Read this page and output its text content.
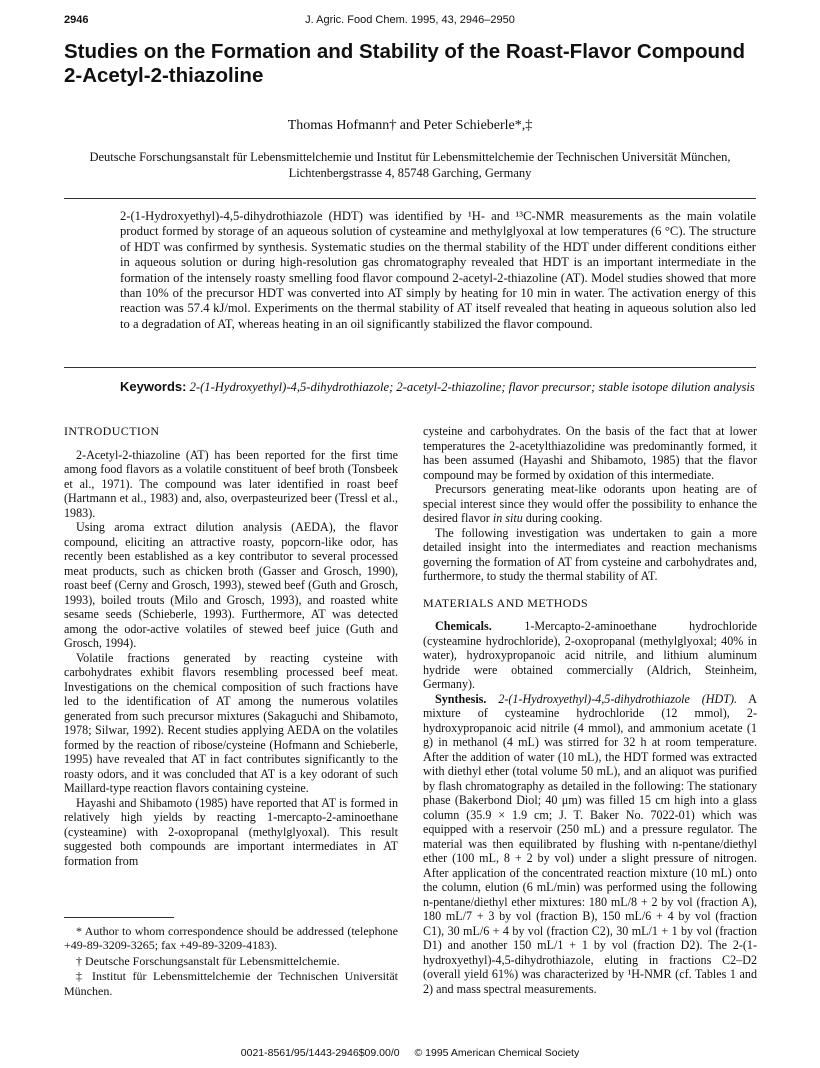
2946	J. Agric. Food Chem. 1995, 43, 2946–2950
Studies on the Formation and Stability of the Roast-Flavor Compound 2-Acetyl-2-thiazoline
Thomas Hofmann† and Peter Schieberle*,‡
Deutsche Forschungsanstalt für Lebensmittelchemie und Institut für Lebensmittelchemie der Technischen Universität München, Lichtenbergstrasse 4, 85748 Garching, Germany

2-(1-Hydroxyethyl)-4,5-dihydrothiazole (HDT) was identified by ¹H- and ¹³C-NMR measurements as the main volatile product formed by storage of an aqueous solution of cysteamine and methylglyoxal at low temperatures (6 °C). The structure of HDT was confirmed by synthesis. Systematic studies on the thermal stability of the HDT under different conditions either in aqueous solution or during high-resolution gas chromatography revealed that HDT is an important intermediate in the formation of the intensely roasty smelling food flavor compound 2-acetyl-2-thiazoline (AT). Model studies showed that more than 10% of the precursor HDT was converted into AT simply by heating for 10 min in water. The activation energy of this reaction was 57.4 kJ/mol. Experiments on the thermal stability of AT itself revealed that heating in aqueous solution also led to a degradation of AT, whereas heating in an oil significantly stabilized the flavor compound.

Keywords: 2-(1-Hydroxyethyl)-4,5-dihydrothiazole; 2-acetyl-2-thiazoline; flavor precursor; stable isotope dilution analysis

INTRODUCTION

2-Acetyl-2-thiazoline (AT) has been reported for the first time among food flavors as a volatile constituent of beef broth (Tonsbeek et al., 1971). The compound was later identified in roast beef (Hartmann et al., 1983) and, also, overpasteurized beer (Tressl et al., 1983).

Using aroma extract dilution analysis (AEDA), the flavor compound, eliciting an attractive roasty, popcorn-like odor, has recently been established as a key contributor to several processed meat products, such as chicken broth (Gasser and Grosch, 1990), roast beef (Cerny and Grosch, 1993), stewed beef (Guth and Grosch, 1993), boiled trouts (Milo and Grosch, 1993), and roasted white sesame seeds (Schieberle, 1993). Furthermore, AT was detected among the odor-active volatiles of stewed beef juice (Guth and Grosch, 1994).

Volatile fractions generated by reacting cysteine with carbohydrates exhibit flavors resembling processed beef meat. Investigations on the chemical composition of such fractions have led to the identification of AT among the numerous volatiles generated from such precursor mixtures (Sakaguchi and Shibamoto, 1978; Silwar, 1992). Recent studies applying AEDA on the volatiles formed by the reaction of ribose/cysteine (Hofmann and Schieberle, 1995) have revealed that AT in fact contributes significantly to the roasty odors, and it was concluded that AT is a key odorant of such Maillard-type reaction flavors containing cysteine.

Hayashi and Shibamoto (1985) have reported that AT is formed in relatively high yields by reacting 1-mercapto-2-aminoethane (cysteamine) with 2-oxopropanal (methylglyoxal). This result suggested both compounds are important intermediates in AT formation from

* Author to whom correspondence should be addressed (telephone +49-89-3209-3265; fax +49-89-3209-4183).

† Deutsche Forschungsanstalt für Lebensmittelchemie.

‡ Institut für Lebensmittelchemie der Technischen Universität München.

cysteine and carbohydrates. On the basis of the fact that at lower temperatures the 2-acetylthiazolidine was predominantly formed, it has been assumed (Hayashi and Shibamoto, 1985) that the flavor compound may be formed by oxidation of this intermediate.

Precursors generating meat-like odorants upon heating are of special interest since they would offer the possibility to enhance the desired flavor in situ during cooking.

The following investigation was undertaken to gain a more detailed insight into the intermediates and reaction mechanisms governing the formation of AT from cysteine and carbohydrates and, furthermore, to study the thermal stability of AT.

MATERIALS AND METHODS

Chemicals. 1-Mercapto-2-aminoethane hydrochloride (cysteamine hydrochloride), 2-oxopropanal (methylglyoxal; 40% in water), hydroxypropanoic acid nitrile, and lithium aluminum hydride were obtained commercially (Aldrich, Steinheim, Germany).

Synthesis. 2-(1-Hydroxyethyl)-4,5-dihydrothiazole (HDT). A mixture of cysteamine hydrochloride (12 mmol), 2-hydroxypropanoic acid nitrile (4 mmol), and ammonium acetate (1 g) in methanol (4 mL) was stirred for 32 h at room temperature. After the addition of water (10 mL), the HDT formed was extracted with diethyl ether (total volume 50 mL), and an aliquot was purified by flash chromatography as detailed in the following: The stationary phase (Bakerbond Diol; 40 μm) was filled 15 cm high into a glass column (35.9 × 1.9 cm; J. T. Baker No. 7022-01) which was equipped with a reservoir (250 mL) and a pressure regulator. The material was then equilibrated by flushing with n-pentane/diethyl ether (100 mL, 8 + 2 by vol) under a slight pressure of nitrogen. After application of the concentrated reaction mixture (10 mL) onto the column, elution (6 mL/min) was performed using the following n-pentane/diethyl ether mixtures: 180 mL/8 + 2 by vol (fraction A), 180 mL/7 + 3 by vol (fraction B), 150 mL/6 + 4 by vol (fraction C1), 30 mL/6 + 4 by vol (fraction C2), 30 mL/1 + 1 by vol (fraction D1) and another 150 mL/1 + 1 by vol (fraction D2). The 2-(1-hydroxyethyl)-4,5-dihydrothiazole, eluting in fractions C2–D2 (overall yield 61%) was characterized by ¹H-NMR (cf. Tables 1 and 2) and mass spectral measurements.

0021-8561/95/1443-2946$09.00/0 © 1995 American Chemical Society
